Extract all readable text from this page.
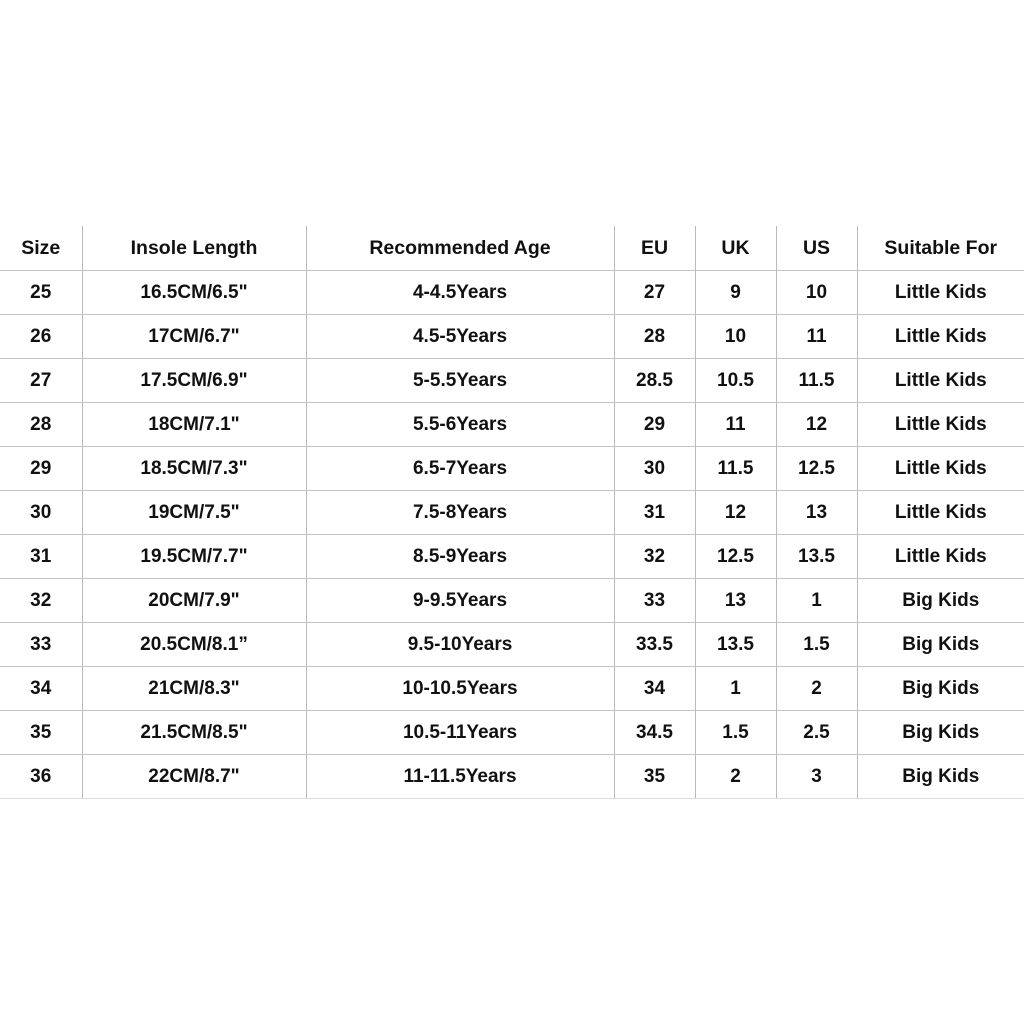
Size	Insole Length	Recommended Age	EU	UK	US	Suitable For
25	16.5CM/6.5"	4-4.5Years	27	9	10	Little Kids
26	17CM/6.7"	4.5-5Years	28	10	11	Little Kids
27	17.5CM/6.9"	5-5.5Years	28.5	10.5	11.5	Little Kids
28	18CM/7.1"	5.5-6Years	29	11	12	Little Kids
29	18.5CM/7.3"	6.5-7Years	30	11.5	12.5	Little Kids
30	19CM/7.5"	7.5-8Years	31	12	13	Little Kids
31	19.5CM/7.7"	8.5-9Years	32	12.5	13.5	Little Kids
32	20CM/7.9"	9-9.5Years	33	13	1	Big Kids
33	20.5CM/8.1”	9.5-10Years	33.5	13.5	1.5	Big Kids
34	21CM/8.3"	10-10.5Years	34	1	2	Big Kids
35	21.5CM/8.5"	10.5-11Years	34.5	1.5	2.5	Big Kids
36	22CM/8.7"	11-11.5Years	35	2	3	Big Kids
